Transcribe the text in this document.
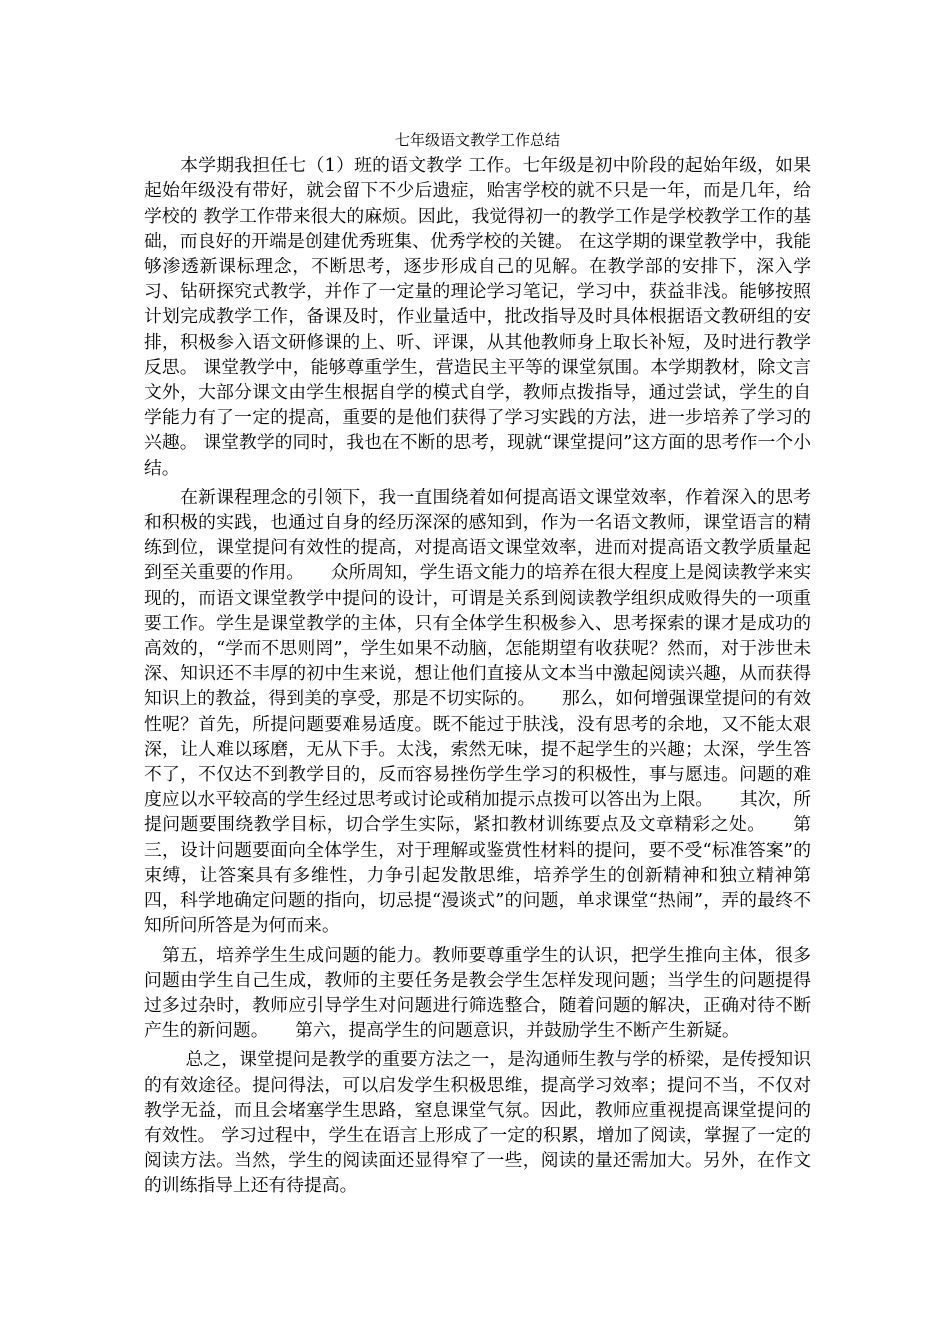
七年级语文教学工作总结

　　本学期我担任七（1）班的语文教学 工作。七年级是初中阶段的起始年级，如果起始年级没有带好，就会留下不少后遗症，贻害学校的就不只是一年，而是几年，给学校的 教学工作带来很大的麻烦。因此，我觉得初一的教学工作是学校教学工作的基础，而良好的开端是创建优秀班集、优秀学校的关键。 在这学期的课堂教学中，我能够渗透新课标理念，不断思考，逐步形成自己的见解。在教学部的安排下，深入学习、钻研探究式教学，并作了一定量的理论学习笔记，学习中，获益非浅。能够按照计划完成教学工作，备课及时，作业量适中，批改指导及时具体根据语文教研组的安排，积极参入语文研修课的上、听、评课，从其他教师身上取长补短，及时进行教学反思。 课堂教学中，能够尊重学生，营造民主平等的课堂氛围。本学期教材，除文言文外，大部分课文由学生根据自学的模式自学，教师点拨指导，通过尝试，学生的自学能力有了一定的提高，重要的是他们获得了学习实践的方法，进一步培养了学习的兴趣。 课堂教学的同时，我也在不断的思考，现就“课堂提问”这方面的思考作一个小结。

　　在新课程理念的引领下，我一直围绕着如何提高语文课堂效率，作着深入的思考和积极的实践，也通过自身的经历深深的感知到，作为一名语文教师，课堂语言的精练到位，课堂提问有效性的提高，对提高语文课堂效率，进而对提高语文教学质量起到至关重要的作用。　　众所周知，学生语文能力的培养在很大程度上是阅读教学来实现的，而语文课堂教学中提问的设计，可谓是关系到阅读教学组织成败得失的一项重要工作。学生是课堂教学的主体，只有全体学生积极参入、思考探索的课才是成功的高效的，“学而不思则罔”，学生如果不动脑，怎能期望有收获呢？然而，对于涉世未深、知识还不丰厚的初中生来说，想让他们直接从文本当中激起阅读兴趣，从而获得知识上的教益，得到美的享受，那是不切实际的。　　那么，如何增强课堂提问的有效性呢？首先，所提问题要难易适度。既不能过于肤浅，没有思考的余地，又不能太艰深，让人难以琢磨，无从下手。太浅，索然无味，提不起学生的兴趣；太深，学生答不了，不仅达不到教学目的，反而容易挫伤学生学习的积极性，事与愿违。问题的难度应以水平较高的学生经过思考或讨论或稍加提示点拨可以答出为上限。　　其次，所提问题要围绕教学目标，切合学生实际，紧扣教材训练要点及文章精彩之处。　　第三，设计问题要面向全体学生，对于理解或鉴赏性材料的提问，要不受“标准答案”的束缚，让答案具有多维性，力争引起发散思维，培养学生的创新精神和独立精神第四，科学地确定问题的指向，切忌提“漫谈式”的问题，单求课堂“热闹”，弄的最终不知所问所答是为何而来。

　第五，培养学生生成问题的能力。教师要尊重学生的认识，把学生推向主体，很多问题由学生自己生成，教师的主要任务是教会学生怎样发现问题；当学生的问题提得过多过杂时，教师应引导学生对问题进行筛选整合，随着问题的解决，正确对待不断产生的新问题。　　第六，提高学生的问题意识，并鼓励学生不断产生新疑。

　　 总之，课堂提问是教学的重要方法之一，是沟通师生教与学的桥梁，是传授知识的有效途径。提问得法，可以启发学生积极思维，提高学习效率；提问不当，不仅对教学无益，而且会堵塞学生思路，窒息课堂气氛。因此，教师应重视提高课堂提问的有效性。 学习过程中，学生在语言上形成了一定的积累，增加了阅读，掌握了一定的阅读方法。当然，学生的阅读面还显得窄了一些，阅读的量还需加大。另外，在作文的训练指导上还有待提高。
